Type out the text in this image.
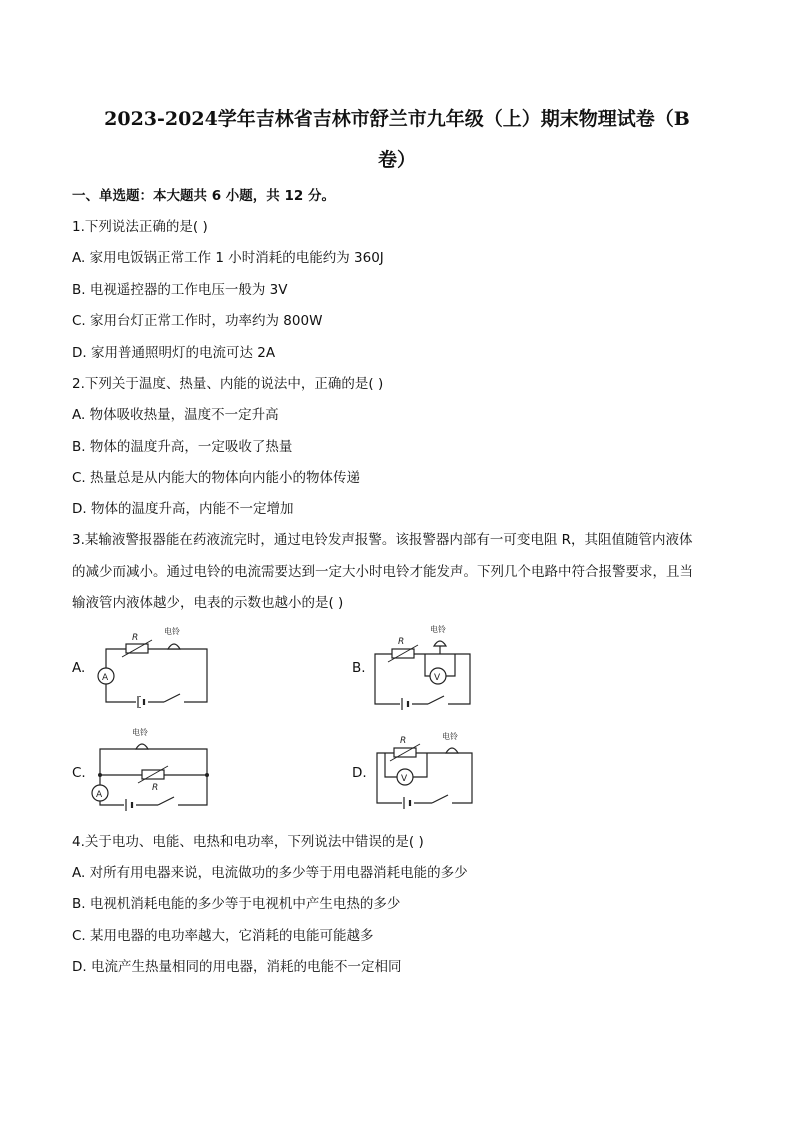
2023-2024学年吉林省吉林市舒兰市九年级（上）期末物理试卷（B
卷）
一、单选题：本大题共 6 小题，共 12 分。
1.下列说法正确的是( )
A. 家用电饭锅正常工作 1 小时消耗的电能约为 360J
B. 电视遥控器的工作电压一般为 3V
C. 家用台灯正常工作时，功率约为 800W
D. 家用普通照明灯的电流可达 2A
2.下列关于温度、热量、内能的说法中，正确的是( )
A. 物体吸收热量，温度不一定升高
B. 物体的温度升高，一定吸收了热量
C. 热量总是从内能大的物体向内能小的物体传递
D. 物体的温度升高，内能不一定增加
3.某输液警报器能在药液流完时，通过电铃发声报警。该报警器内部有一可变电阻 R，其阻值随管内液体
的减少而减小。通过电铃的电流需要达到一定大小时电铃才能发声。下列几个电路中符合报警要求，且当
输液管内液体越少，电表的示数也越小的是( )
A.
R
电铃
A
B.
R
电铃
V
C.
电铃
R
A
D.
R
V
电铃
4.关于电功、电能、电热和电功率，下列说法中错误的是( )
A. 对所有用电器来说，电流做功的多少等于用电器消耗电能的多少
B. 电视机消耗电能的多少等于电视机中产生电热的多少
C. 某用电器的电功率越大，它消耗的电能可能越多
D. 电流产生热量相同的用电器，消耗的电能不一定相同
